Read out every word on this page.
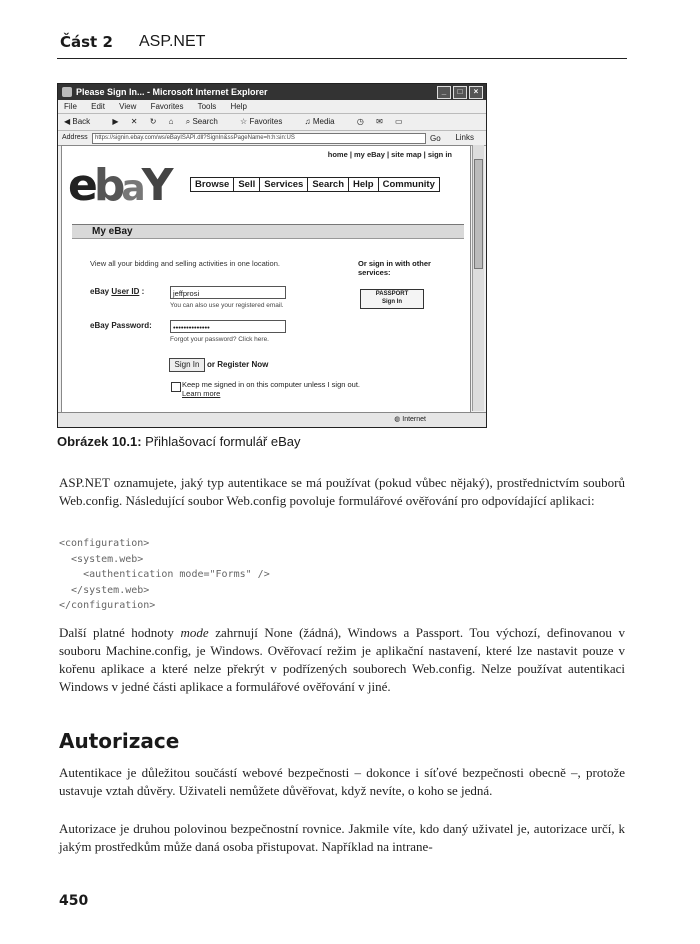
Část 2 ASP.NET
Please Sign In... - Microsoft Internet Explorer	_	□	×
File Edit View Favorites Tools Help
◀ Back	▶ ✕ ↻ ⌂ ⌕ Search	☆ Favorites	♫ Media	◷ ✉ ▭
Address	https://signin.ebay.com/ws/eBayISAPI.dll?SignIn&ssPageName=h:h:sin:US	Go Links
home | my eBay | site map | sign in
ebaY	Browse Sell Services Search Help Community
My eBay
View all your bidding and selling activities in one location.
eBay User ID :	jeffprosi
You can also use your registered email.
eBay Password:	••••••••••••••
Forgot your password? Click here.
Or sign in with other services:
PASSPORT
Sign In
Sign In or Register Now
Keep me signed in on this computer unless I sign out. Learn more
◍ Internet
Obrázek 10.1: Přihlašovací formulář eBay
ASP.NET oznamujete, jaký typ autentikace se má používat (pokud vůbec nějaký), prostřednictvím souborů Web.config. Následující soubor Web.config povoluje formulářové ověřování pro odpovídající aplikaci:
<configuration>
<system.web>
<authentication mode="Forms" />
</system.web>
</configuration>
Další platné hodnoty mode zahrnují None (žádná), Windows a Passport. Tou výchozí, definovanou v souboru Machine.config, je Windows. Ověřovací režim je aplikační nastavení, které lze nastavit pouze v kořenu aplikace a které nelze překrýt v podřízených souborech Web.config. Nelze používat autentikaci Windows v jedné části aplikace a formulářové ověřování v jiné.
Autorizace
Autentikace je důležitou součástí webové bezpečnosti – dokonce i síťové bezpečnosti obecně –, protože ustavuje vztah důvěry. Uživateli nemůžete důvěřovat, když nevíte, o koho se jedná.
Autorizace je druhou polovinou bezpečnostní rovnice. Jakmile víte, kdo daný uživatel je, autorizace určí, k jakým prostředkům může daná osoba přistupovat. Například na intrane-
450
